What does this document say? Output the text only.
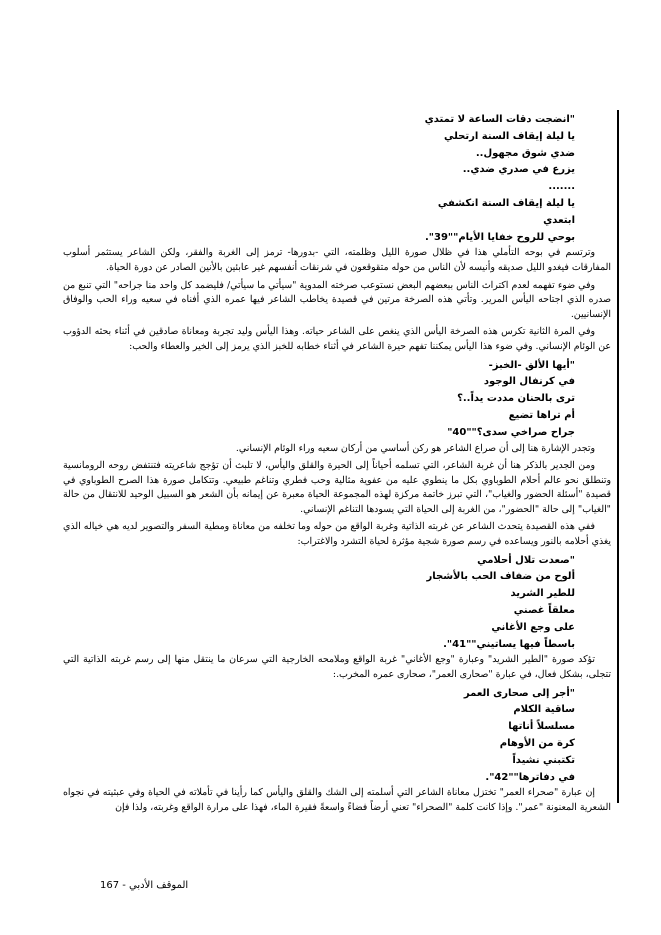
"انضجت دقات الساعة لا تمتدي
يا ليلة إيقاف السنة ارتحلي
ضدي شوق مجهول..
يزرع في صدري ضدي..
.......
يا ليلة إيقاف السنة انكشفي
ابتعدي
بوحي للروح خفايا الأيام""39".

وترتسم في بوحه التأملي هذا في ظلال صورة الليل وظلمته، التي -بدورها- ترمز إلى الغربة والفقر، ولكن الشاعر يستثمر أسلوب المفارقات فيغدو الليل صديقه وأنيسه لأن الناس من حوله متقوقعون في شرنقات أنفسهم غير عابئين بالأنين الصادر عن دورة الحياة.

وفي ضوء تفهمه لعدم اكتراث الناس ببعضهم البعض نستوعب صرخته المدوية "سيأتي ما سيأتي/ فليضمد كل واحد منا جراحه" التي تنبع من صدره الذي اجتاحه اليأس المرير. وتأتي هذه الصرخة مرتين في قصيدة يخاطب الشاعر فيها عمره الذي أفناه في سعيه وراء الحب والوفاق الإنسانيين.

وفي المرة الثانية تكرس هذه الصرخة اليأس الذي ينغص على الشاعر حياته. وهذا اليأس وليد تجربة ومعاناة صادقين في أثناء بحثه الدؤوب عن الوئام الإنساني. وفي ضوء هذا اليأس يمكننا تفهم حيرة الشاعر في أثناء خطابه للخبز الذي يرمز إلى الخير والعطاء والحب:

"أيها الألق -الخبز-
في كرنفال الوجود
ترى بالحنان مددت يداً..؟
أم تراها تضيع
جراح صراخي سدى؟""40"

وتجدر الإشارة هنا إلى أن صراع الشاعر هو ركن أساسي من أركان سعيه وراء الوئام الإنساني.

ومن الجدير بالذكر هنا أن غربة الشاعر، التي تسلمه أحياناً إلى الحيرة والقلق واليأس، لا تلبث أن تؤجج شاعريته فتنتفض روحه الرومانسية وتنطلق نحو عالم أحلام الطوباوي بكل ما ينطوي عليه من عفوية مثالية وحب فطري وتناغم طبيعي. وتتكامل صورة هذا الصرح الطوباوي في قصيدة "أسئلة الحضور والغياب"، التي تبرز خاتمة مركزة لهذه المجموعة الحياة معبرة عن إيمانه بأن الشعر هو السبيل الوحيد للانتقال من حالة "الغياب" إلى حالة "الحضور"، من الغربة إلى الحياة التي يسودها التناغم الإنساني.

ففي هذه القصيدة يتحدث الشاعر عن غربته الذاتية وغربة الواقع من حوله وما تخلفه من معاناة ومطية السفر والتصوير لديه هي خياله الذي يغذي أحلامه بالنور ويساعده في رسم صورة شجية مؤثرة لحياة التشرد والاغتراب:

"صعدت تلال أحلامي
ألوح من ضفاف الحب بالأشجار
للطير الشريد
معلقاً غصني
على وجع الأغاني
باسطاً فيها يساتيني""41".

تؤكد صورة "الطير الشريد" وعبارة "وجع الأغاني" غربة الواقع وملامحه الخارجية التي سرعان ما ينتقل منها إلى رسم غربته الذاتية التي تتجلى، بشكل فعال، في عبارة "صحارى العمر"، صحارى عمره المخرب.:

"أجر إلى صحارى العمر
ساقية الكلام
مسلسلاً أناتها
كرة من الأوهام
تكتبني نشيداً
في دفاترها""42".

إن عبارة "صحراء العمر" تختزل معاناة الشاعر التي أسلمته إلى الشك والقلق واليأس كما رأينا في تأملاته في الحياة وفي عبثيته في نجواه الشعرية المعنونة "عمر". وإذا كانت كلمة "الصحراء" تعني أرضاً فضاءً واسعةً فقيرة الماء، فهذا على مرارة الواقع وغربته، ولذا فإن

الموقف الأدبي - 167
